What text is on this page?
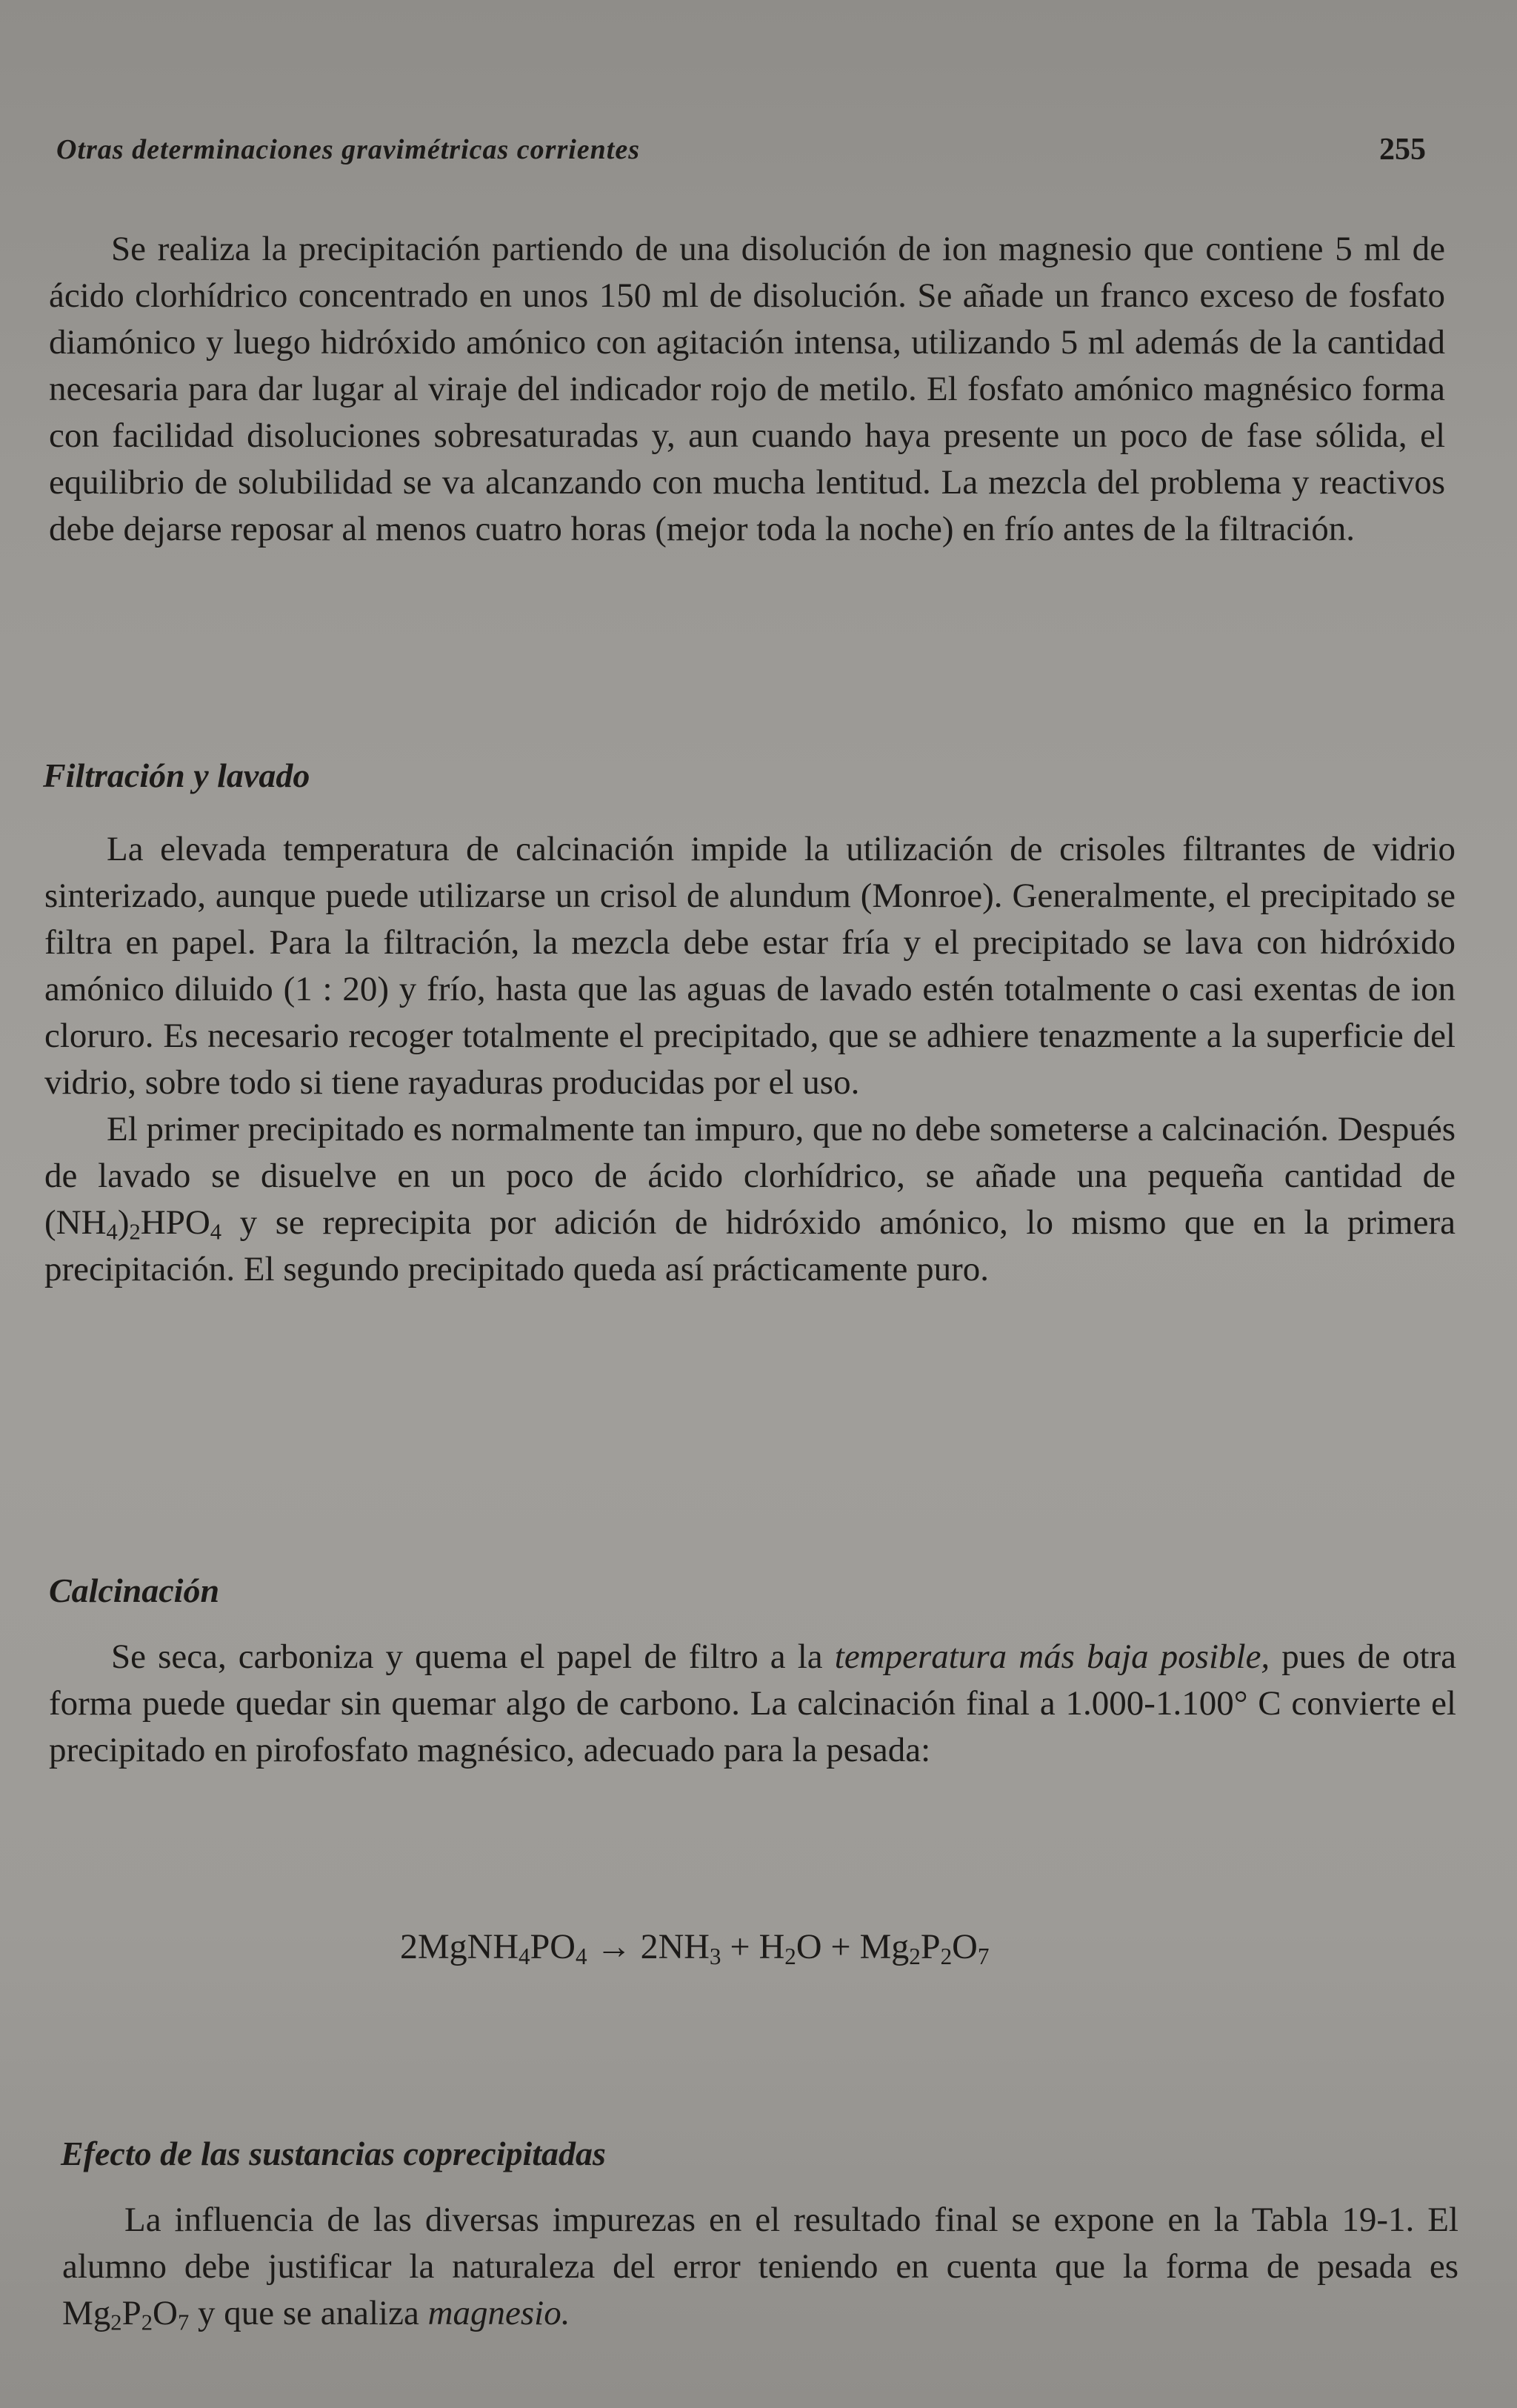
Otras determinaciones gravimétricas corrientes	255

Se realiza la precipitación partiendo de una disolución de ion magnesio que contiene 5 ml de ácido clorhídrico concentrado en unos 150 ml de disolución. Se añade un franco exceso de fosfato diamónico y luego hidróxido amónico con agitación intensa, utilizando 5 ml además de la cantidad necesaria para dar lugar al viraje del indicador rojo de metilo. El fosfato amónico magnésico forma con facilidad disoluciones sobresaturadas y, aun cuando haya presente un poco de fase sólida, el equilibrio de solubilidad se va alcanzando con mucha lentitud. La mezcla del problema y reactivos debe dejarse reposar al menos cuatro horas (mejor toda la noche) en frío antes de la filtración.

Filtración y lavado

La elevada temperatura de calcinación impide la utilización de crisoles filtrantes de vidrio sinterizado, aunque puede utilizarse un crisol de alundum (Monroe). Generalmente, el precipitado se filtra en papel. Para la filtración, la mezcla debe estar fría y el precipitado se lava con hidróxido amónico diluido (1 : 20) y frío, hasta que las aguas de lavado estén totalmente o casi exentas de ion cloruro. Es necesario recoger totalmente el precipitado, que se adhiere tenazmente a la superficie del vidrio, sobre todo si tiene rayaduras producidas por el uso.

El primer precipitado es normalmente tan impuro, que no debe someterse a calcinación. Después de lavado se disuelve en un poco de ácido clorhídrico, se añade una pequeña cantidad de $(NH_4)_2HPO_4$ y se reprecipita por adición de hidróxido amónico, lo mismo que en la primera precipitación. El segundo precipitado queda así prácticamente puro.

Calcinación

Se seca, carboniza y quema el papel de filtro a la temperatura más baja posible, pues de otra forma puede quedar sin quemar algo de carbono. La calcinación final a 1.000-1.100° C convierte el precipitado en pirofosfato magnésico, adecuado para la pesada:

$2MgNH_4PO_4 \to 2NH_3 + H_2O + Mg_2P_2O_7$
Efecto de las sustancias coprecipitadas

La influencia de las diversas impurezas en el resultado final se expone en la Tabla 19-1. El alumno debe justificar la naturaleza del error teniendo en cuenta que la forma de pesada es $Mg_2P_2O_7$ y que se analiza magnesio.
